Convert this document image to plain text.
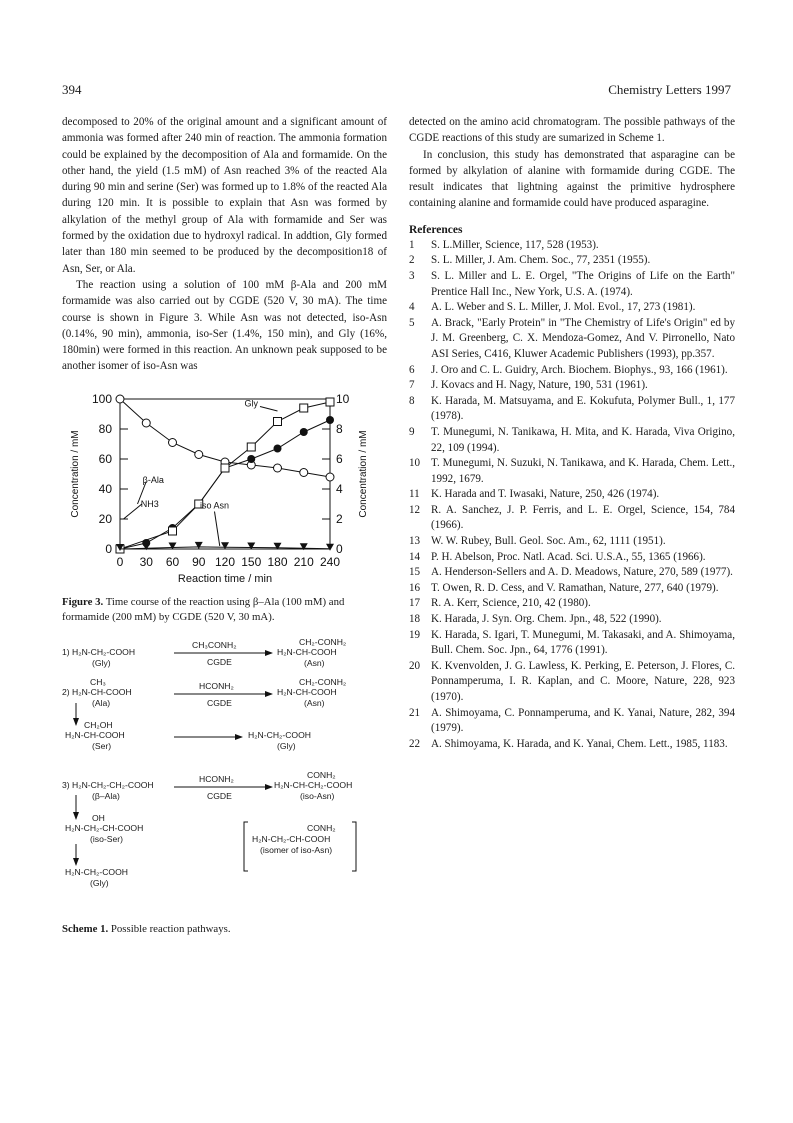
394	Chemistry Letters 1997

decomposed to 20% of the original amount and a significant amount of ammonia was formed after 240 min of reaction. The ammonia formation could be explained by the decomposition of Ala and formamide. On the other hand, the yield (1.5 mM) of Asn reached 3% of the reacted Ala during 90 min and serine (Ser) was formed up to 1.8% of the reacted Ala during 120 min. It is possible to explain that Asn was formed by alkylation of the methyl group of Ala with formamide and Ser was formed by the oxidation due to hydroxyl radical. In addtion, Gly formed later than 180 min seemed to be produced by the decomposition18 of Asn, Ser, or Ala.

The reaction using a solution of 100 mM β-Ala and 200 mM formamide was also carried out by CGDE (520 V, 30 mA). The time course is shown in Figure 3. While Asn was not detected, iso-Asn (0.14%, 90 min), ammonia, iso-Ser (1.4%, 150 min), and Gly (16%, 180min) were formed in this reaction. An unknown peak supposed to be another isomer of iso-Asn was

0
20
40
60
80
100
0
2
4
6
8
10
0 30 60 90 120 150 180 210 240
Reaction time / min
Concentration / mM	Concentration / mM
β-Ala
NH3	iso Asn
Gly

Figure 3. Time course of the reaction using β–Ala (100 mM) and formamide (200 mM) by CGDE (520 V, 30 mA).

1) H₂N-CH₂-COOH
(Gly)
CH₃CONH₂
CGDE
CH₂-CONH₂
H₂N-CH-COOH
(Asn)
CH₃
2) H₂N-CH-COOH
(Ala)
HCONH₂
CGDE
CH₂-CONH₂
H₂N-CH-COOH
(Asn)
CH₂OH
H₂N-CH-COOH
(Ser)
H₂N-CH₂-COOH
(Gly)
3) H₂N-CH₂-CH₂-COOH
(β–Ala)
HCONH₂
CGDE
CONH₂
H₂N-CH-CH₂-COOH
(iso-Asn)
OH
H₂N-CH₂-CH-COOH
(iso-Ser)
H₂N-CH₂-COOH
(Gly)
CONH₂
H₂N-CH₂-CH-COOH
(isomer of iso-Asn)
Scheme 1. Possible reaction pathways.

detected on the amino acid chromatogram. The possible pathways of the CGDE reactions of this study are sumarized in Scheme 1.

In conclusion, this study has demonstrated that asparagine can be formed by alkylation of alanine with formamide during CGDE. The result indicates that lightning against the primitive hydrosphere containing alanine and formamide could have produced asparagine.

References
1	S. L.Miller, Science, 117, 528 (1953).
2	S. L. Miller, J. Am. Chem. Soc., 77, 2351 (1955).
3	S. L. Miller and L. E. Orgel, "The Origins of Life on the Earth" Prentice Hall Inc., New York, U.S. A. (1974).
4	A. L. Weber and S. L. Miller, J. Mol. Evol., 17, 273 (1981).
5	A. Brack, "Early Protein" in "The Chemistry of Life's Origin" ed by J. M. Greenberg, C. X. Mendoza-Gomez, And V. Pirronello, Nato ASI Series, C416, Kluwer Academic Publishers (1993), pp.357.
6	J. Oro and C. L. Guidry, Arch. Biochem. Biophys., 93, 166 (1961).
7	J. Kovacs and H. Nagy, Nature, 190, 531 (1961).
8	K. Harada, M. Matsuyama, and E. Kokufuta, Polymer Bull., 1, 177 (1978).
9	T. Munegumi, N. Tanikawa, H. Mita, and K. Harada, Viva Origino, 22, 109 (1994).
10 T. Munegumi, N. Suzuki, N. Tanikawa, and K. Harada, Chem. Lett., 1992, 1679.
11	K. Harada and T. Iwasaki, Nature, 250, 426 (1974).
12 R. A. Sanchez, J. P. Ferris, and L. E. Orgel, Science, 154, 784 (1966).
13 W. W. Rubey, Bull. Geol. Soc. Am., 62, 1111 (1951).
14 P. H. Abelson, Proc. Natl. Acad. Sci. U.S.A., 55, 1365 (1966).
15 A. Henderson-Sellers and A. D. Meadows, Nature, 270, 589 (1977).
16 T. Owen, R. D. Cess, and V. Ramathan, Nature, 277, 640 (1979).
17 R. A. Kerr, Science, 210, 42 (1980).
18 K. Harada, J. Syn. Org. Chem. Jpn., 48, 522 (1990).
19 K. Harada, S. Igari, T. Munegumi, M. Takasaki, and A. Shimoyama, Bull. Chem. Soc. Jpn., 64, 1776 (1991).
20 K. Kvenvolden, J. G. Lawless, K. Perking, E. Peterson, J. Flores, C. Ponnamperuma, I. R. Kaplan, and C. Moore, Nature, 228, 923 (1970).
21 A. Shimoyama, C. Ponnamperuma, and K. Yanai, Nature, 282, 394 (1979).
22 A. Shimoyama, K. Harada, and K. Yanai, Chem. Lett., 1985, 1183.
